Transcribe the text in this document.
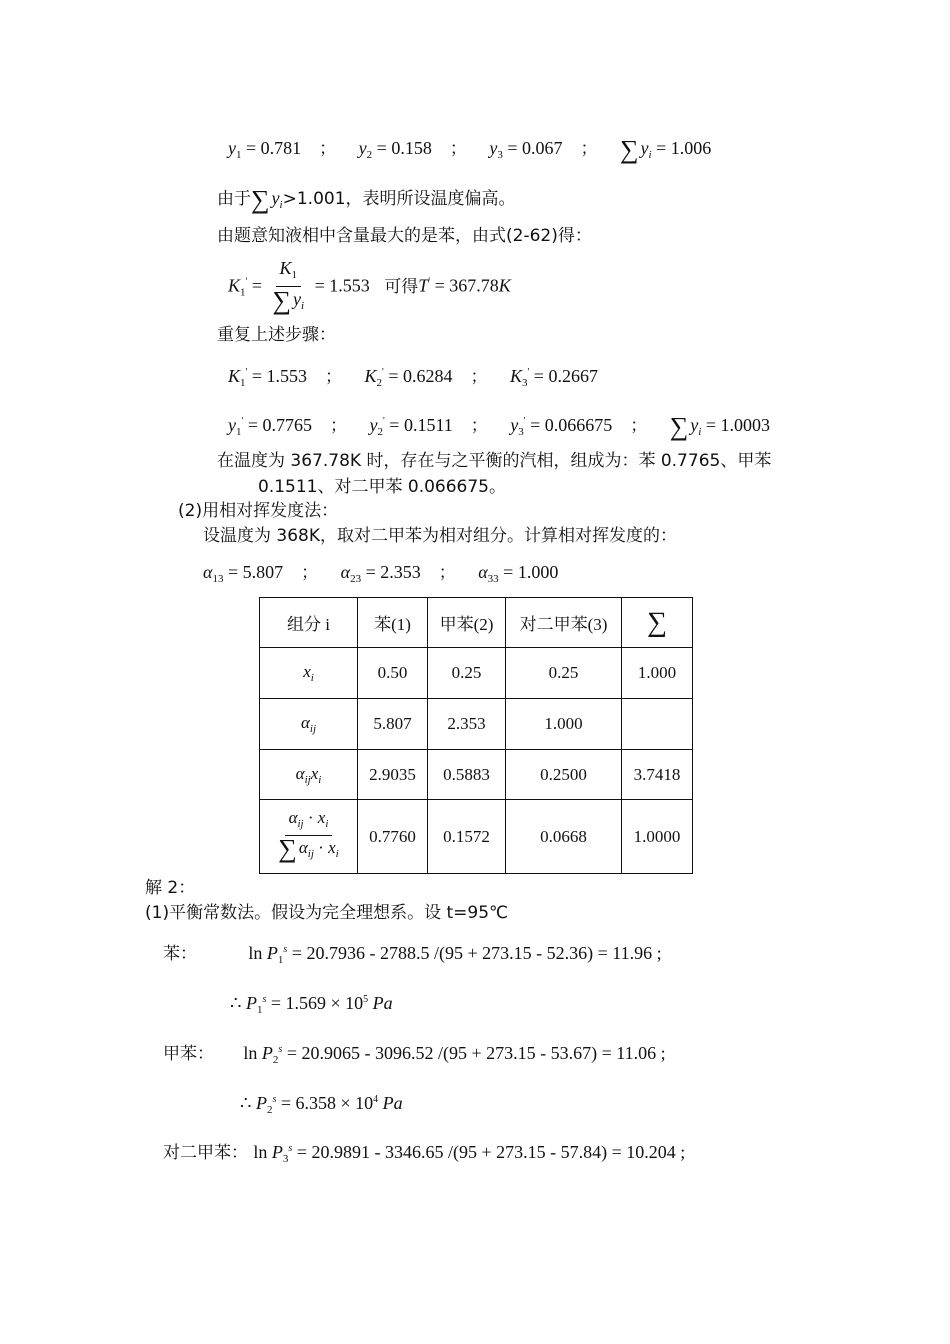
$y_1 = 0.781$ ； $y_2 = 0.158$ ； $y_3 = 0.067$ ； ∑ $y_i = 1.006$
由于∑ $y_i>1.001$，表明所设温度偏高。
由题意知液相中含量最大的是苯，由式(2-62)得：
$K_1' = \frac{K_1}{\sum y_i} = 1.553$ 可得T' = 367.78K
重复上述步骤：
$K_1' = 1.553$ ； $K_2' = 0.6284$ ； $K_3' = 0.2667$
$y_1' = 0.7765$ ； $y_2' = 0.1511$ ； $y_3' = 0.066675$ ； ∑ $y_i = 1.0003$
在温度为 367.78K 时，存在与之平衡的汽相，组成为：苯 0.7765、甲苯
0.1511、对二甲苯 0.066675。
(2)用相对挥发度法：
设温度为 368K，取对二甲苯为相对组分。计算相对挥发度的：
$\alpha_{13} = 5.807$ ； $\alpha_{23} = 2.353$ ； $\alpha_{33} = 1.000$
组分 i	苯(1)	甲苯(2)	对二甲苯(3)	∑
$x_i$	0.50	0.25	0.25	1.000
$\alpha_{ij}$	5.807	2.353	1.000	
$\alpha_{ij}x_i$	2.9035	0.5883	0.2500	3.7418

$\frac{\alpha_{ij} \cdot x_i}{\sum \alpha_{ij} \cdot x_i}$	0.7760	0.1572	0.0668	1.0000
解 2：
(1)平衡常数法。假设为完全理想系。设 t=95℃
苯：	$\ln P_1^s = 20.7936 - 2788.5$ /(95 + 273.15 - 52.36) = 11.96 ;
∴ $P_1^s = 1.569 \times 10^5$ Pa
甲苯： $\ln P_2^s = 20.9065 - 3096.52$ /(95 + 273.15 - 53.67) = 11.06 ;
∴ $P_2^s = 6.358 \times 10^4$ Pa
对二甲苯： $\ln P_3^s = 20.9891 - 3346.65$ /(95 + 273.15 - 57.84) = 10.204 ;
